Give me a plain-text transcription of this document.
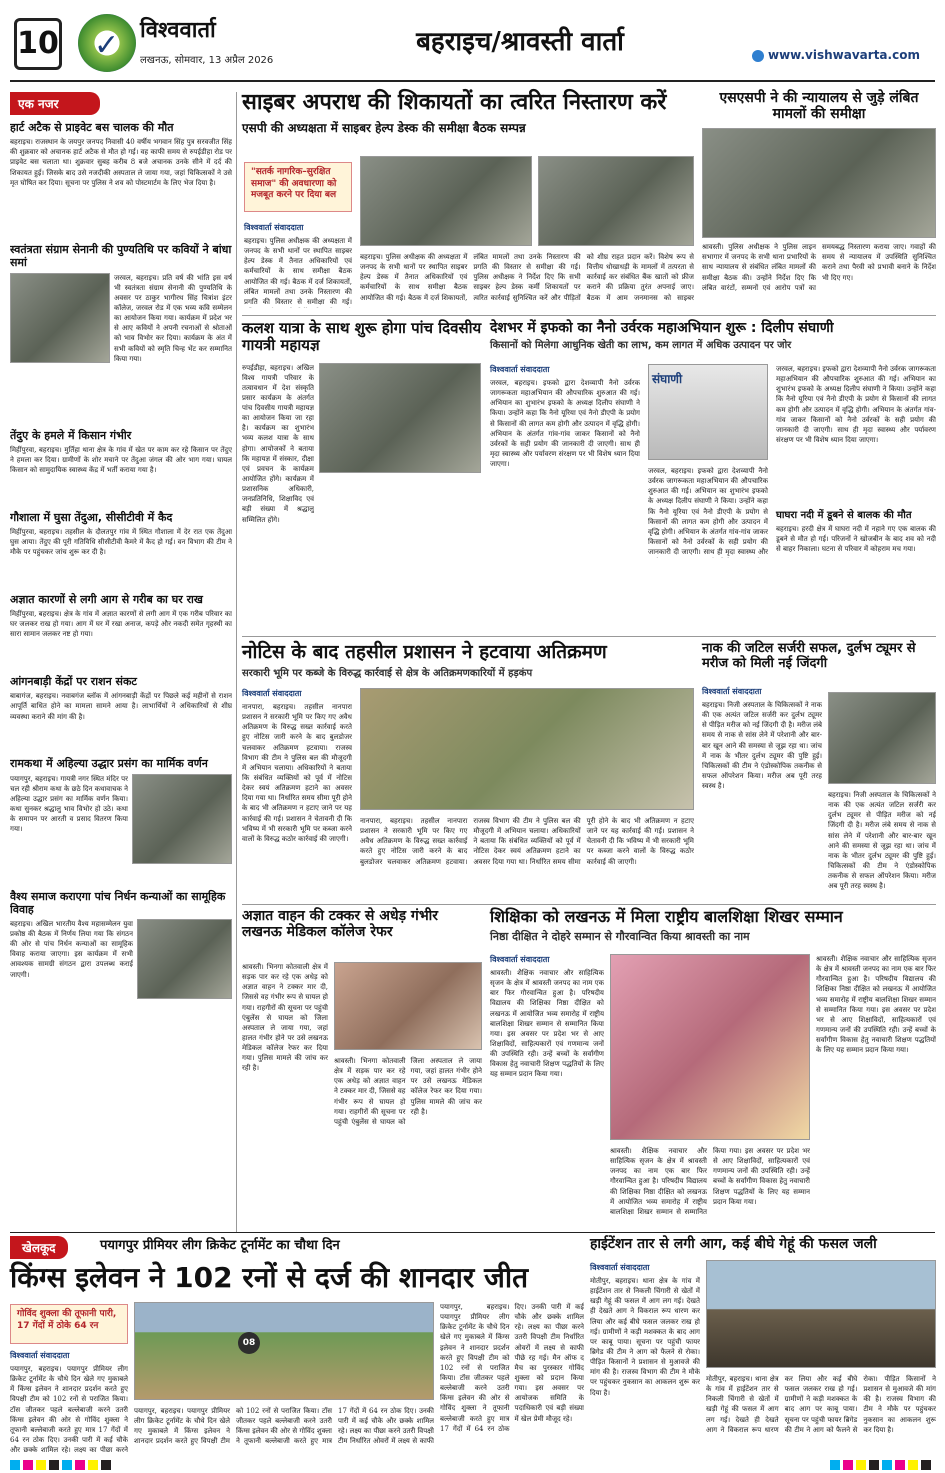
10 ✓ विश्ववार्ता
लखनऊ, सोमवार, 13 अप्रैल 2026
बहराइच/श्रावस्ती वार्ता	www.vishwavarta.com
एक नजर
हार्ट अटैक से प्राइवेट बस चालक की मौत
बहराइच। राजस्थान के जयपुर जनपद निवासी 40 वर्षीय भगवान सिंह पुत्र सरवजीत सिंह की शुक्रवार को अचानक हार्ट अटैक से मौत हो गई। वह काफी समय से रुपईडीहा रोड पर प्राइवेट बस चलाता था। शुक्रवार सुबह करीब 8 बजे अचानक उनके सीने में दर्द की शिकायत हुई। जिसके बाद उसे नजदीकी अस्पताल ले जाया गया, जहां चिकित्सकों ने उसे मृत घोषित कर दिया। सूचना पर पुलिस ने शव को पोस्टमार्टम के लिए भेज दिया है।
स्वतंत्रता संग्राम सेनानी की पुण्यतिथि पर कवियों ने बांधा समां
जरवल, बहराइच। प्रति वर्ष की भांति इस वर्ष भी स्वतंत्रता संग्राम सेनानी की पुण्यतिथि के अवसर पर ठाकुर भागीरथ सिंह चित्रांश इंटर कॉलेज, जरवल रोड में एक भव्य कवि सम्मेलन का आयोजन किया गया। कार्यक्रम में प्रदेश भर से आए कवियों ने अपनी रचनाओं से श्रोताओं को भाव विभोर कर दिया। कार्यक्रम के अंत में सभी कवियों को स्मृति चिन्ह भेंट कर सम्मानित किया गया।
तेंदुए के हमले में किसान गंभीर
मिहींपुरवा, बहराइच। मुर्तिहा थाना क्षेत्र के गांव में खेत पर काम कर रहे किसान पर तेंदुए ने हमला कर दिया। ग्रामीणों के शोर मचाने पर तेंदुआ जंगल की ओर भाग गया। घायल किसान को सामुदायिक स्वास्थ्य केंद्र में भर्ती कराया गया है।
गौशाला में घुसा तेंदुआ, सीसीटीवी में कैद
मिहींपुरवा, बहराइच। तहसील के दौलतपुर गांव में स्थित गौशाला में देर रात एक तेंदुआ घुस आया। तेंदुए की पूरी गतिविधि सीसीटीवी कैमरे में कैद हो गई। वन विभाग की टीम ने मौके पर पहुंचकर जांच शुरू कर दी है।
अज्ञात कारणों से लगी आग से गरीब का घर राख
मिहींपुरवा, बहराइच। क्षेत्र के गांव में अज्ञात कारणों से लगी आग में एक गरीब परिवार का घर जलकर राख हो गया। आग में घर में रखा अनाज, कपड़े और नकदी समेत गृहस्थी का सारा सामान जलकर नष्ट हो गया।
आंगनबाड़ी केंद्रों पर राशन संकट
बाबागंज, बहराइच। नवाबगंज ब्लॉक में आंगनबाड़ी केंद्रों पर पिछले कई महीनों से राशन आपूर्ति बाधित होने का मामला सामने आया है। लाभार्थियों ने अधिकारियों से शीघ्र व्यवस्था कराने की मांग की है।
रामकथा में अहिल्या उद्धार प्रसंग का मार्मिक वर्णन
पयागपुर, बहराइच। गायत्री नगर स्थित मंदिर पर चल रही श्रीराम कथा के छठे दिन कथावाचक ने अहिल्या उद्धार प्रसंग का मार्मिक वर्णन किया। कथा सुनकर श्रद्धालु भाव विभोर हो उठे। कथा के समापन पर आरती व प्रसाद वितरण किया गया।
वैश्य समाज कराएगा पांच निर्धन कन्याओं का सामूहिक विवाह
बहराइच। अखिल भारतीय वैश्य महासम्मेलन युवा प्रकोष्ठ की बैठक में निर्णय लिया गया कि संगठन की ओर से पांच निर्धन कन्याओं का सामूहिक विवाह कराया जाएगा। इस कार्यक्रम में सभी आवश्यक सामग्री संगठन द्वारा उपलब्ध कराई जाएगी।
साइबर अपराध की शिकायतों का त्वरित निस्तारण करें
एसपी की अध्यक्षता में साइबर हेल्प डेस्क की समीक्षा बैठक सम्पन्न
"सतर्क नागरिक–सुरक्षित समाज" की अवधारणा को मजबूत करने पर दिया बल
विश्ववार्ता संवाददाता
बहराइच। पुलिस अधीक्षक की अध्यक्षता में जनपद के सभी थानों पर स्थापित साइबर हेल्प डेस्क में तैनात अधिकारियों एवं कर्मचारियों के साथ समीक्षा बैठक आयोजित की गई। बैठक में दर्ज शिकायतों, लंबित मामलों तथा उनके निस्तारण की प्रगति की विस्तार से समीक्षा की गई।
बहराइच। पुलिस अधीक्षक की अध्यक्षता में जनपद के सभी थानों पर स्थापित साइबर हेल्प डेस्क में तैनात अधिकारियों एवं कर्मचारियों के साथ समीक्षा बैठक आयोजित की गई। बैठक में दर्ज शिकायतों, लंबित मामलों तथा उनके निस्तारण की प्रगति की विस्तार से समीक्षा की गई। पुलिस अधीक्षक ने निर्देश दिए कि सभी साइबर हेल्प डेस्क कर्मी शिकायतों पर त्वरित कार्रवाई सुनिश्चित करें और पीड़ितों को शीघ्र राहत प्रदान करें। विशेष रूप से वित्तीय धोखाधड़ी के मामलों में तत्परता से कार्रवाई कर संबंधित बैंक खातों को फ्रीज कराने की प्रक्रिया तुरंत अपनाई जाए। बैठक में आम जनमानस को साइबर
एसएसपी ने की न्यायालय से जुड़े लंबित मामलों की समीक्षा
श्रावस्ती। पुलिस अधीक्षक ने पुलिस लाइन सभागार में जनपद के सभी थाना प्रभारियों के साथ न्यायालय से संबंधित लंबित मामलों की समीक्षा बैठक की। उन्होंने निर्देश दिए कि लंबित वारंटों, सम्मनों एवं आरोप पत्रों का समयबद्ध निस्तारण कराया जाए। गवाहों की समय से न्यायालय में उपस्थिति सुनिश्चित कराने तथा पैरवी को प्रभावी बनाने के निर्देश भी दिए गए।
कलश यात्रा के साथ शुरू होगा पांच दिवसीय गायत्री महायज्ञ
रुपईडीहा, बहराइच। अखिल विश्व गायत्री परिवार के तत्वावधान में देश संस्कृति प्रसार कार्यक्रम के अंतर्गत पांच दिवसीय गायत्री महायज्ञ का आयोजन किया जा रहा है। कार्यक्रम का शुभारंभ भव्य कलश यात्रा के साथ होगा। आयोजकों ने बताया कि महायज्ञ में संस्कार, दीक्षा एवं प्रवचन के कार्यक्रम आयोजित होंगे। कार्यक्रम में प्रशासनिक अधिकारी, जनप्रतिनिधि, शिक्षाविद एवं बड़ी संख्या में श्रद्धालु सम्मिलित होंगे।
देशभर में इफको का नैनो उर्वरक महाअभियान शुरू : दिलीप संघाणी
किसानों को मिलेगा आधुनिक खेती का लाभ, कम लागत में अधिक उत्पादन पर जोर
विश्ववार्ता संवाददाता
जरवल, बहराइच। इफको द्वारा देशव्यापी नैनो उर्वरक जागरूकता महाअभियान की औपचारिक शुरुआत की गई। अभियान का शुभारंभ इफको के अध्यक्ष दिलीप संघाणी ने किया। उन्होंने कहा कि नैनो यूरिया एवं नैनो डीएपी के प्रयोग से किसानों की लागत कम होगी और उत्पादन में वृद्धि होगी। अभियान के अंतर्गत गांव-गांव जाकर किसानों को नैनो उर्वरकों के सही प्रयोग की जानकारी दी जाएगी। साथ ही मृदा स्वास्थ्य और पर्यावरण संरक्षण पर भी विशेष ध्यान दिया जाएगा।
संघाणी
जरवल, बहराइच। इफको द्वारा देशव्यापी नैनो उर्वरक जागरूकता महाअभियान की औपचारिक शुरुआत की गई। अभियान का शुभारंभ इफको के अध्यक्ष दिलीप संघाणी ने किया। उन्होंने कहा कि नैनो यूरिया एवं नैनो डीएपी के प्रयोग से किसानों की लागत कम होगी और उत्पादन में वृद्धि होगी। अभियान के अंतर्गत गांव-गांव जाकर किसानों को नैनो उर्वरकों के सही प्रयोग की जानकारी दी जाएगी। साथ ही मृदा स्वास्थ्य और
जरवल, बहराइच। इफको द्वारा देशव्यापी नैनो उर्वरक जागरूकता महाअभियान की औपचारिक शुरुआत की गई। अभियान का शुभारंभ इफको के अध्यक्ष दिलीप संघाणी ने किया। उन्होंने कहा कि नैनो यूरिया एवं नैनो डीएपी के प्रयोग से किसानों की लागत कम होगी और उत्पादन में वृद्धि होगी। अभियान के अंतर्गत गांव-गांव जाकर किसानों को नैनो उर्वरकों के सही प्रयोग की जानकारी दी जाएगी। साथ ही मृदा स्वास्थ्य और पर्यावरण संरक्षण पर भी विशेष ध्यान दिया जाएगा।
घाघरा नदी में डूबने से बालक की मौत
बहराइच। हरदी क्षेत्र में घाघरा नदी में नहाने गए एक बालक की डूबने से मौत हो गई। परिजनों ने खोजबीन के बाद शव को नदी से बाहर निकाला। घटना से परिवार में कोहराम मच गया।
नोटिस के बाद तहसील प्रशासन ने हटवाया अतिक्रमण
सरकारी भूमि पर कब्जे के विरुद्ध कार्रवाई से क्षेत्र के अतिक्रमणकारियों में हड़कंप
विश्ववार्ता संवाददाता
नानपारा, बहराइच। तहसील नानपारा प्रशासन ने सरकारी भूमि पर किए गए अवैध अतिक्रमण के विरुद्ध सख्त कार्रवाई करते हुए नोटिस जारी करने के बाद बुलडोजर चलवाकर अतिक्रमण हटवाया। राजस्व विभाग की टीम ने पुलिस बल की मौजूदगी में अभियान चलाया। अधिकारियों ने बताया कि संबंधित व्यक्तियों को पूर्व में नोटिस देकर स्वयं अतिक्रमण हटाने का अवसर दिया गया था। निर्धारित समय सीमा पूरी होने के बाद भी अतिक्रमण न हटाए जाने पर यह कार्रवाई की गई। प्रशासन ने चेतावनी दी कि भविष्य में भी सरकारी भूमि पर कब्जा करने वालों के विरुद्ध कठोर कार्रवाई की जाएगी।
नानपारा, बहराइच। तहसील नानपारा प्रशासन ने सरकारी भूमि पर किए गए अवैध अतिक्रमण के विरुद्ध सख्त कार्रवाई करते हुए नोटिस जारी करने के बाद बुलडोजर चलवाकर अतिक्रमण हटवाया। राजस्व विभाग की टीम ने पुलिस बल की मौजूदगी में अभियान चलाया। अधिकारियों ने बताया कि संबंधित व्यक्तियों को पूर्व में नोटिस देकर स्वयं अतिक्रमण हटाने का अवसर दिया गया था। निर्धारित समय सीमा पूरी होने के बाद भी अतिक्रमण न हटाए जाने पर यह कार्रवाई की गई। प्रशासन ने चेतावनी दी कि भविष्य में भी सरकारी भूमि पर कब्जा करने वालों के विरुद्ध कठोर कार्रवाई की जाएगी।
नाक की जटिल सर्जरी सफल, दुर्लभ ट्यूमर से मरीज को मिली नई जिंदगी
विश्ववार्ता संवाददाता
बहराइच। निजी अस्पताल के चिकित्सकों ने नाक की एक अत्यंत जटिल सर्जरी कर दुर्लभ ट्यूमर से पीड़ित मरीज को नई जिंदगी दी है। मरीज लंबे समय से नाक से सांस लेने में परेशानी और बार-बार खून आने की समस्या से जूझ रहा था। जांच में नाक के भीतर दुर्लभ ट्यूमर की पुष्टि हुई। चिकित्सकों की टीम ने एंडोस्कोपिक तकनीक से सफल ऑपरेशन किया। मरीज अब पूरी तरह स्वस्थ है।
बहराइच। निजी अस्पताल के चिकित्सकों ने नाक की एक अत्यंत जटिल सर्जरी कर दुर्लभ ट्यूमर से पीड़ित मरीज को नई जिंदगी दी है। मरीज लंबे समय से नाक से सांस लेने में परेशानी और बार-बार खून आने की समस्या से जूझ रहा था। जांच में नाक के भीतर दुर्लभ ट्यूमर की पुष्टि हुई। चिकित्सकों की टीम ने एंडोस्कोपिक तकनीक से सफल ऑपरेशन किया। मरीज अब पूरी तरह स्वस्थ है।
अज्ञात वाहन की टक्कर से अधेड़ गंभीर लखनऊ मेडिकल कॉलेज रेफर
श्रावस्ती। भिनगा कोतवाली क्षेत्र में सड़क पार कर रहे एक अधेड़ को अज्ञात वाहन ने टक्कर मार दी, जिससे वह गंभीर रूप से घायल हो गया। राहगीरों की सूचना पर पहुंची एंबुलेंस से घायल को जिला अस्पताल ले जाया गया, जहां हालत गंभीर होने पर उसे लखनऊ मेडिकल कॉलेज रेफर कर दिया गया। पुलिस मामले की जांच कर रही है।
श्रावस्ती। भिनगा कोतवाली क्षेत्र में सड़क पार कर रहे एक अधेड़ को अज्ञात वाहन ने टक्कर मार दी, जिससे वह गंभीर रूप से घायल हो गया। राहगीरों की सूचना पर पहुंची एंबुलेंस से घायल को जिला अस्पताल ले जाया गया, जहां हालत गंभीर होने पर उसे लखनऊ मेडिकल कॉलेज रेफर कर दिया गया। पुलिस मामले की जांच कर रही है।
शिक्षिका को लखनऊ में मिला राष्ट्रीय बालशिक्षा शिखर सम्मान
निष्ठा दीक्षित ने दोहरे सम्मान से गौरवान्वित किया श्रावस्ती का नाम
विश्ववार्ता संवाददाता
श्रावस्ती। शैक्षिक नवाचार और साहित्यिक सृजन के क्षेत्र में श्रावस्ती जनपद का नाम एक बार फिर गौरवान्वित हुआ है। परिषदीय विद्यालय की शिक्षिका निष्ठा दीक्षित को लखनऊ में आयोजित भव्य समारोह में राष्ट्रीय बालशिक्षा शिखर सम्मान से सम्मानित किया गया। इस अवसर पर प्रदेश भर से आए शिक्षाविदों, साहित्यकारों एवं गणमान्य जनों की उपस्थिति रही। उन्हें बच्चों के सर्वांगीण विकास हेतु नवाचारी शिक्षण पद्धतियों के लिए यह सम्मान प्रदान किया गया।
श्रावस्ती। शैक्षिक नवाचार और साहित्यिक सृजन के क्षेत्र में श्रावस्ती जनपद का नाम एक बार फिर गौरवान्वित हुआ है। परिषदीय विद्यालय की शिक्षिका निष्ठा दीक्षित को लखनऊ में आयोजित भव्य समारोह में राष्ट्रीय बालशिक्षा शिखर सम्मान से सम्मानित किया गया। इस अवसर पर प्रदेश भर से आए शिक्षाविदों, साहित्यकारों एवं गणमान्य जनों की उपस्थिति रही। उन्हें बच्चों के सर्वांगीण विकास हेतु नवाचारी शिक्षण पद्धतियों के लिए यह सम्मान प्रदान किया गया।
श्रावस्ती। शैक्षिक नवाचार और साहित्यिक सृजन के क्षेत्र में श्रावस्ती जनपद का नाम एक बार फिर गौरवान्वित हुआ है। परिषदीय विद्यालय की शिक्षिका निष्ठा दीक्षित को लखनऊ में आयोजित भव्य समारोह में राष्ट्रीय बालशिक्षा शिखर सम्मान से सम्मानित किया गया। इस अवसर पर प्रदेश भर से आए शिक्षाविदों, साहित्यकारों एवं गणमान्य जनों की उपस्थिति रही। उन्हें बच्चों के सर्वांगीण विकास हेतु नवाचारी शिक्षण पद्धतियों के लिए यह सम्मान प्रदान किया गया।
खेलकूद	पयागपुर प्रीमियर लीग क्रिकेट टूर्नामेंट का चौथा दिन
किंग्स इलेवन ने 102 रनों से दर्ज की शानदार जीत
गोविंद शुक्ला की तूफानी पारी, 17 गेंदों में ठोके 64 रन
विश्ववार्ता संवाददाता
पयागपुर, बहराइच। पयागपुर प्रीमियर लीग क्रिकेट टूर्नामेंट के चौथे दिन खेले गए मुकाबले में किंग्स इलेवन ने शानदार प्रदर्शन करते हुए विपक्षी टीम को 102 रनों से पराजित किया। टॉस जीतकर पहले बल्लेबाजी करने उतरी किंग्स इलेवन की ओर से गोविंद शुक्ला ने तूफानी बल्लेबाजी करते हुए मात्र 17 गेंदों में 64 रन ठोक दिए। उनकी पारी में कई चौके और छक्के शामिल रहे। लक्ष्य का पीछा करने
08
पयागपुर, बहराइच। पयागपुर प्रीमियर लीग क्रिकेट टूर्नामेंट के चौथे दिन खेले गए मुकाबले में किंग्स इलेवन ने शानदार प्रदर्शन करते हुए विपक्षी टीम को 102 रनों से पराजित किया। टॉस जीतकर पहले बल्लेबाजी करने उतरी किंग्स इलेवन की ओर से गोविंद शुक्ला ने तूफानी बल्लेबाजी करते हुए मात्र 17 गेंदों में 64 रन ठोक दिए। उनकी पारी में कई चौके और छक्के शामिल रहे। लक्ष्य का पीछा करने उतरी विपक्षी टीम निर्धारित ओवरों में लक्ष्य से काफी
पयागपुर, बहराइच। पयागपुर प्रीमियर लीग क्रिकेट टूर्नामेंट के चौथे दिन खेले गए मुकाबले में किंग्स इलेवन ने शानदार प्रदर्शन करते हुए विपक्षी टीम को 102 रनों से पराजित किया। टॉस जीतकर पहले बल्लेबाजी करने उतरी किंग्स इलेवन की ओर से गोविंद शुक्ला ने तूफानी बल्लेबाजी करते हुए मात्र 17 गेंदों में 64 रन ठोक दिए। उनकी पारी में कई चौके और छक्के शामिल रहे। लक्ष्य का पीछा करने उतरी विपक्षी टीम निर्धारित ओवरों में लक्ष्य से काफी पीछे रह गई। मैन ऑफ द मैच का पुरस्कार गोविंद शुक्ला को प्रदान किया गया। इस अवसर पर आयोजक समिति के पदाधिकारी एवं बड़ी संख्या में खेल प्रेमी मौजूद रहे।
हाईटेंशन तार से लगी आग, कई बीघे गेहूं की फसल जली
विश्ववार्ता संवाददाता
मोतीपुर, बहराइच। थाना क्षेत्र के गांव में हाईटेंशन तार से निकली चिंगारी से खेतों में खड़ी गेहूं की फसल में आग लग गई। देखते ही देखते आग ने विकराल रूप धारण कर लिया और कई बीघे फसल जलकर राख हो गई। ग्रामीणों ने कड़ी मशक्कत के बाद आग पर काबू पाया। सूचना पर पहुंची फायर ब्रिगेड की टीम ने आग को फैलने से रोका। पीड़ित किसानों ने प्रशासन से मुआवजे की मांग की है। राजस्व विभाग की टीम ने मौके पर पहुंचकर नुकसान का आकलन शुरू कर दिया है।
मोतीपुर, बहराइच। थाना क्षेत्र के गांव में हाईटेंशन तार से निकली चिंगारी से खेतों में खड़ी गेहूं की फसल में आग लग गई। देखते ही देखते आग ने विकराल रूप धारण कर लिया और कई बीघे फसल जलकर राख हो गई। ग्रामीणों ने कड़ी मशक्कत के बाद आग पर काबू पाया। सूचना पर पहुंची फायर ब्रिगेड की टीम ने आग को फैलने से रोका। पीड़ित किसानों ने प्रशासन से मुआवजे की मांग की है। राजस्व विभाग की टीम ने मौके पर पहुंचकर नुकसान का आकलन शुरू कर दिया है।
